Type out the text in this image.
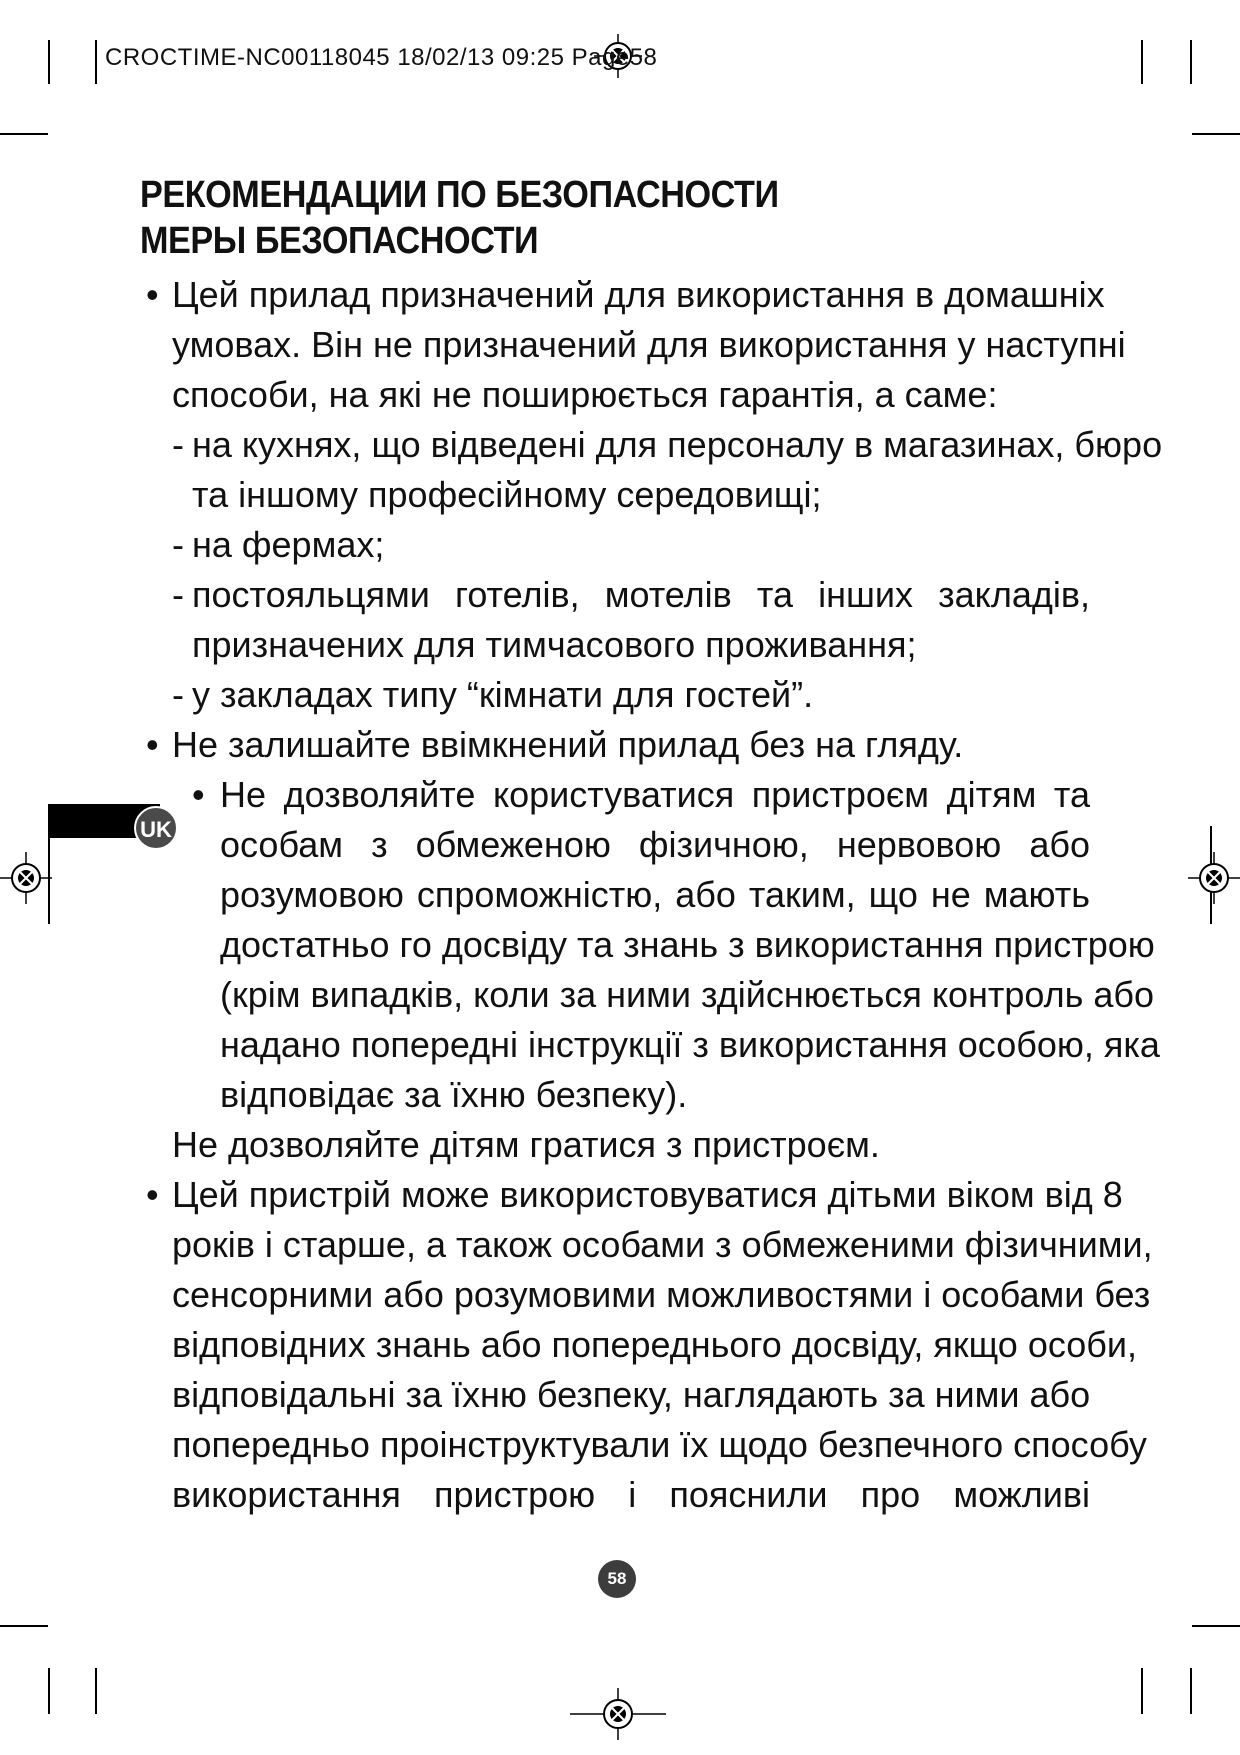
CROCTIME-NC00118045 18/02/13 09:25 Page58
UK
РЕКОМЕНДАЦИИ ПО БЕЗОПАСНОСТИ
МЕРЫ БЕЗОПАСНОСТИ
• Цей прилад призначений для використання в домашніх
умовах. Він не призначений для використання у наступні
способи, на які не поширюється гарантія, а саме:
- на кухнях, що відведені для персоналу в магазинах, бюро
та іншому професійному середовищі;
- на фермах;
- постояльцями готелів, мотелів та інших закладів,
призначених для тимчасового проживання;
- у закладах типу “кімнати для гостей”.
• Не залишайте ввімкнений прилад без на гляду.
• Не дозволяйте користуватися пристроєм дітям та
особам з обмеженою фізичною, нервовою або
розумовою спроможністю, або таким, що не мають
достатньо го досвіду та знань з використання пристрою
(крім випадків, коли за ними здійснюється контроль або
надано попередні інструкції з використання особою, яка
відповідає за їхню безпеку).
Не дозволяйте дітям гратися з пристроєм.
• Цей пристрій може використовуватися дітьми віком від 8
років і старше, а також особами з обмеженими фізичними,
сенсорними або розумовими можливостями і особами без
відповідних знань або попереднього досвіду, якщо особи,
відповідальні за їхню безпеку, наглядають за ними або
попередньо проінструктували їх щодо безпечного способу
використання пристрою і пояснили про можливі
58
